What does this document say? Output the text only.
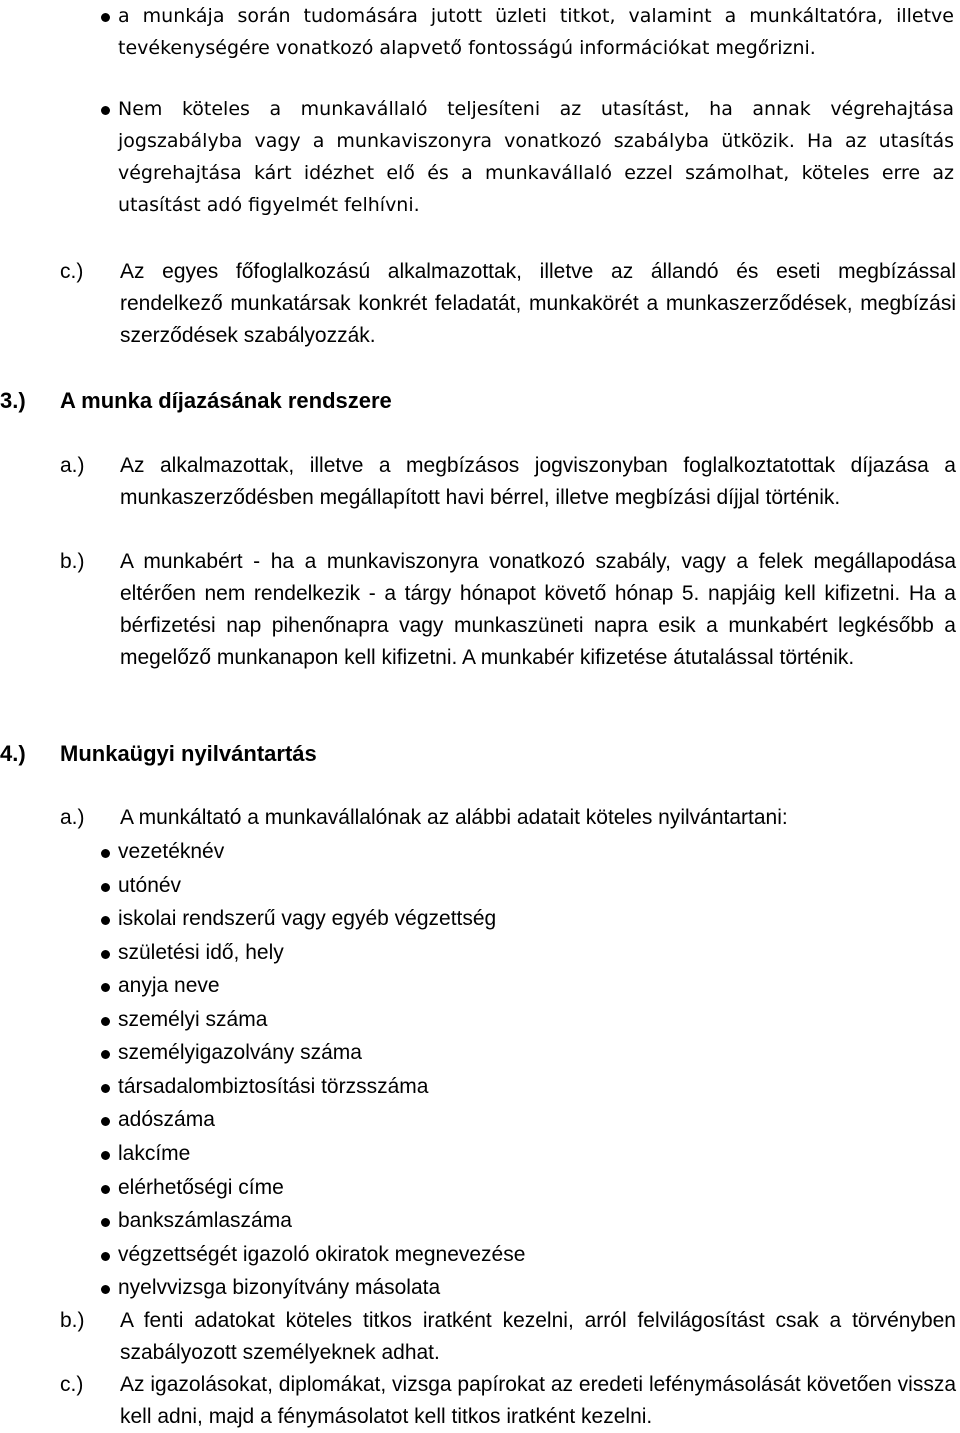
a munkája során tudomására jutott üzleti titkot, valamint a munkáltatóra, illetve tevékenységére vonatkozó alapvető fontosságú információkat megőrizni.

Nem köteles a munkavállaló teljesíteni az utasítást, ha annak végrehajtása jogszabályba vagy a munkaviszonyra vonatkozó szabályba ütközik. Ha az utasítás végrehajtása kárt idézhet elő és a munkavállaló ezzel számolhat, köteles erre az utasítást adó figyelmét felhívni.

c.) Az egyes főfoglalkozású alkalmazottak, illetve az állandó és eseti megbízással rendelkező munkatársak konkrét feladatát, munkakörét a munkaszerződések, megbízási szerződések szabályozzák.

3.) A munka díjazásának rendszere
a.) Az alkalmazottak, illetve a megbízásos jogviszonyban foglalkoztatottak díjazása a munkaszerződésben megállapított havi bérrel, illetve megbízási díjjal történik.

b.) A munkabért - ha a munkaviszonyra vonatkozó szabály, vagy a felek megállapodása eltérően nem rendelkezik - a tárgy hónapot követő hónap 5. napjáig kell kifizetni. Ha a bérfizetési nap pihenőnapra vagy munkaszüneti napra esik a munkabért legkésőbb a megelőző munkanapon kell kifizetni. A munkabér kifizetése átutalással történik.

4.) Munkaügyi nyilvántartás
a.) A munkáltató a munkavállalónak az alábbi adatait köteles nyilvántartani:

vezetéknév
utónév
iskolai rendszerű vagy egyéb végzettség
születési idő, hely
anyja neve
személyi száma
személyigazolvány száma
társadalombiztosítási törzsszáma
adószáma
lakcíme
elérhetőségi címe
bankszámlaszáma
végzettségét igazoló okiratok megnevezése
nyelvvizsga bizonyítvány másolata
b.) A fenti adatokat köteles titkos iratként kezelni, arról felvilágosítást csak a törvényben szabályozott személyeknek adhat.

c.) Az igazolásokat, diplomákat, vizsga papírokat az eredeti lefénymásolását követően vissza kell adni, majd a fénymásolatot kell titkos iratként kezelni.
